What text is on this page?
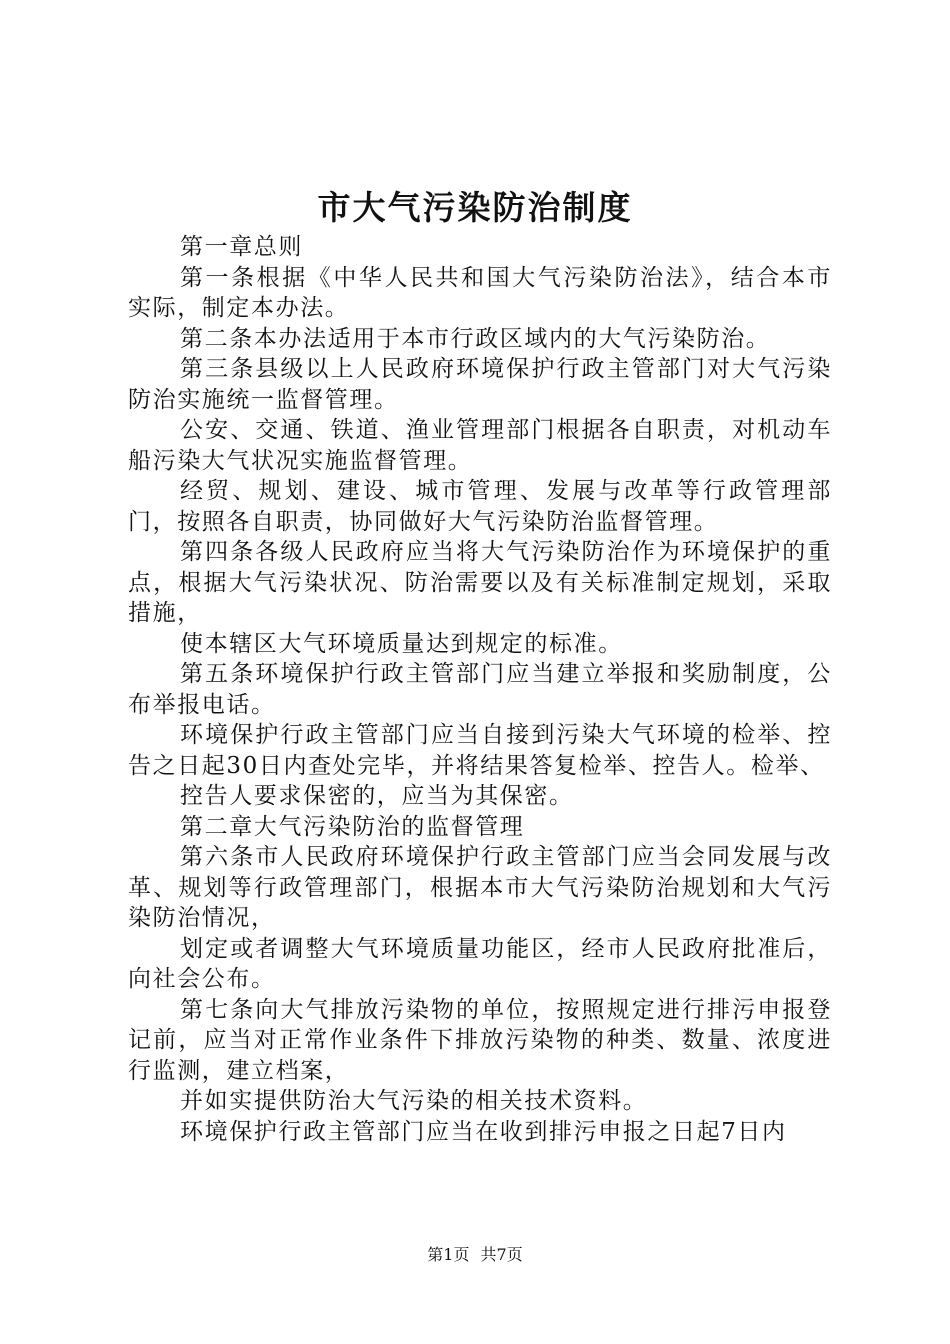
市大气污染防治制度

第一章总则

第一条根据《中华人民共和国大气污染防治法》，结合本市实际，制定本办法。

第二条本办法适用于本市行政区域内的大气污染防治。

第三条县级以上人民政府环境保护行政主管部门对大气污染防治实施统一监督管理。

公安、交通、铁道、渔业管理部门根据各自职责，对机动车船污染大气状况实施监督管理。

经贸、规划、建设、城市管理、发展与改革等行政管理部门，按照各自职责，协同做好大气污染防治监督管理。

第四条各级人民政府应当将大气污染防治作为环境保护的重点，根据大气污染状况、防治需要以及有关标准制定规划，采取措施，

使本辖区大气环境质量达到规定的标准。

第五条环境保护行政主管部门应当建立举报和奖励制度，公布举报电话。

环境保护行政主管部门应当自接到污染大气环境的检举、控告之日起30日内查处完毕，并将结果答复检举、控告人。检举、

控告人要求保密的，应当为其保密。

第二章大气污染防治的监督管理

第六条市人民政府环境保护行政主管部门应当会同发展与改革、规划等行政管理部门，根据本市大气污染防治规划和大气污染防治情况，

划定或者调整大气环境质量功能区，经市人民政府批准后，向社会公布。

第七条向大气排放污染物的单位，按照规定进行排污申报登记前，应当对正常作业条件下排放污染物的种类、数量、浓度进行监测，建立档案，

并如实提供防治大气污染的相关技术资料。

环境保护行政主管部门应当在收到排污申报之日起7日内

第1页 共7页
